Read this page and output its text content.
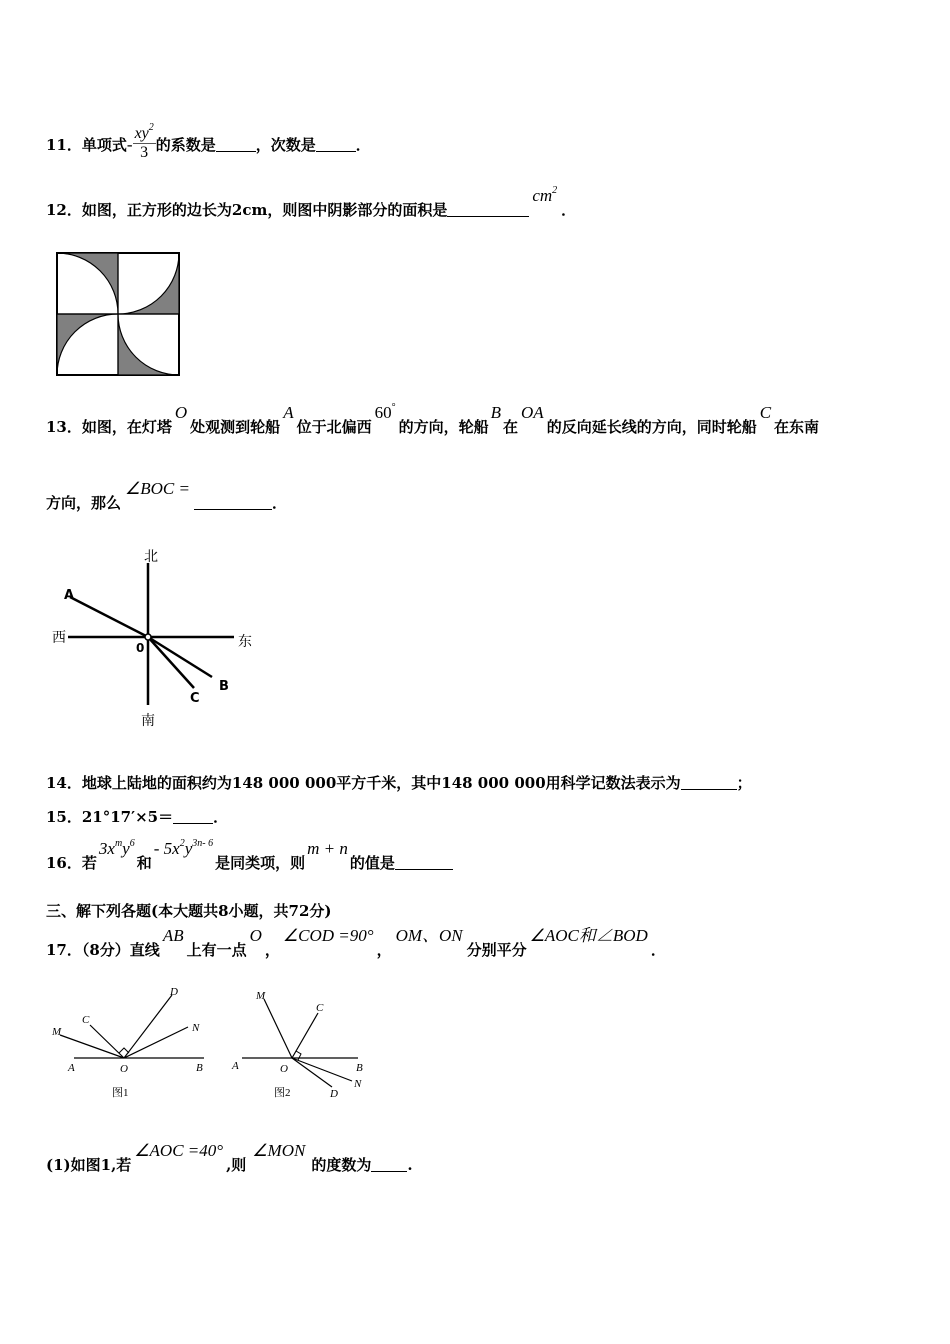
11．单项式- $\frac{xy^2}{3}$ 的系数是	，次数是	．
12．如图，正方形的边长为2cm，则图中阴影部分的面积是$cm^2$．
13．如图，在灯塔O处观测到轮船A位于北偏西60°的方向，轮船B在OA的反向延长线的方向，同时轮船C在东南
方向，那么∠BOC =．
北
南
西	东
A
B
C
0
14．地球上陆地的面积约为148 000 000平方千米，其中148 000 000用科学记数法表示为	；
15．21°17′×5＝	．
16．若$3x^my^6$和- $5x^2y^{3n- 6}$是同类项，则m + n的值是
三、解下列各题(本大题共8小题，共72分)
17．（8分）直线AB上有一点O，∠COD =90°，OM、ON分别平分∠AOC和∠BOD．
A	B
O
C
D
M	N
图1
A	B
O
C
D
M
N
图2
(1)如图1,若∠AOC =40°,则∠MON的度数为 .
